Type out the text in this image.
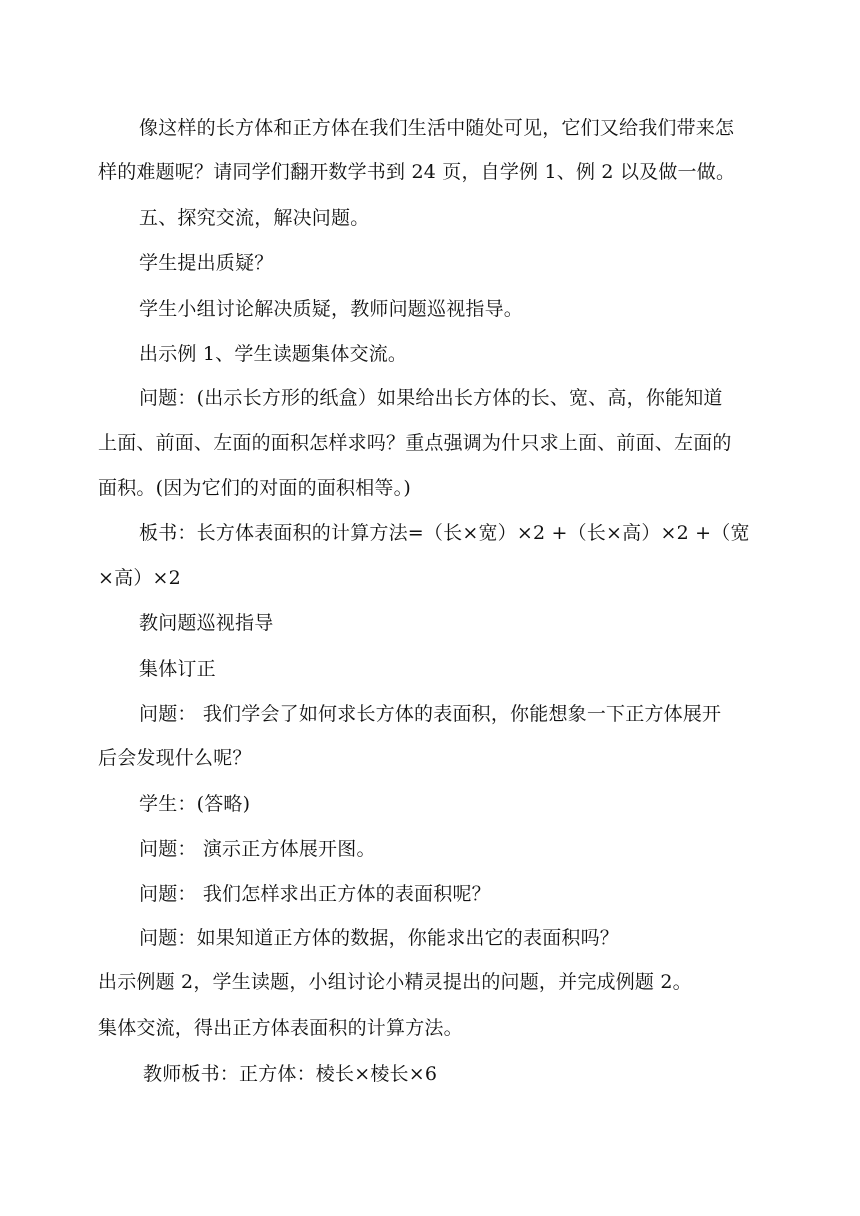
像这样的长方体和正方体在我们生活中随处可见，它们又给我们带来怎

样的难题呢？请同学们翻开数学书到 24 页，自学例 1、例 2 以及做一做。

五、探究交流，解决问题。

学生提出质疑？

学生小组讨论解决质疑，教师问题巡视指导。

出示例 1、学生读题集体交流。

问题：(出示长方形的纸盒）如果给出长方体的长、宽、高，你能知道

上面、前面、左面的面积怎样求吗？重点强调为什只求上面、前面、左面的

面积。(因为它们的对面的面积相等。)

板书：长方体表面积的计算方法=（长×宽）×2 +（长×高）×2 +（宽

×高）×2

教问题巡视指导

集体订正

问题： 我们学会了如何求长方体的表面积，你能想象一下正方体展开

后会发现什么呢？

学生：(答略)

问题： 演示正方体展开图。

问题： 我们怎样求出正方体的表面积呢？

问题：如果知道正方体的数据，你能求出它的表面积吗？

出示例题 2，学生读题，小组讨论小精灵提出的问题，并完成例题 2。

集体交流，得出正方体表面积的计算方法。

教师板书：正方体：棱长×棱长×6
